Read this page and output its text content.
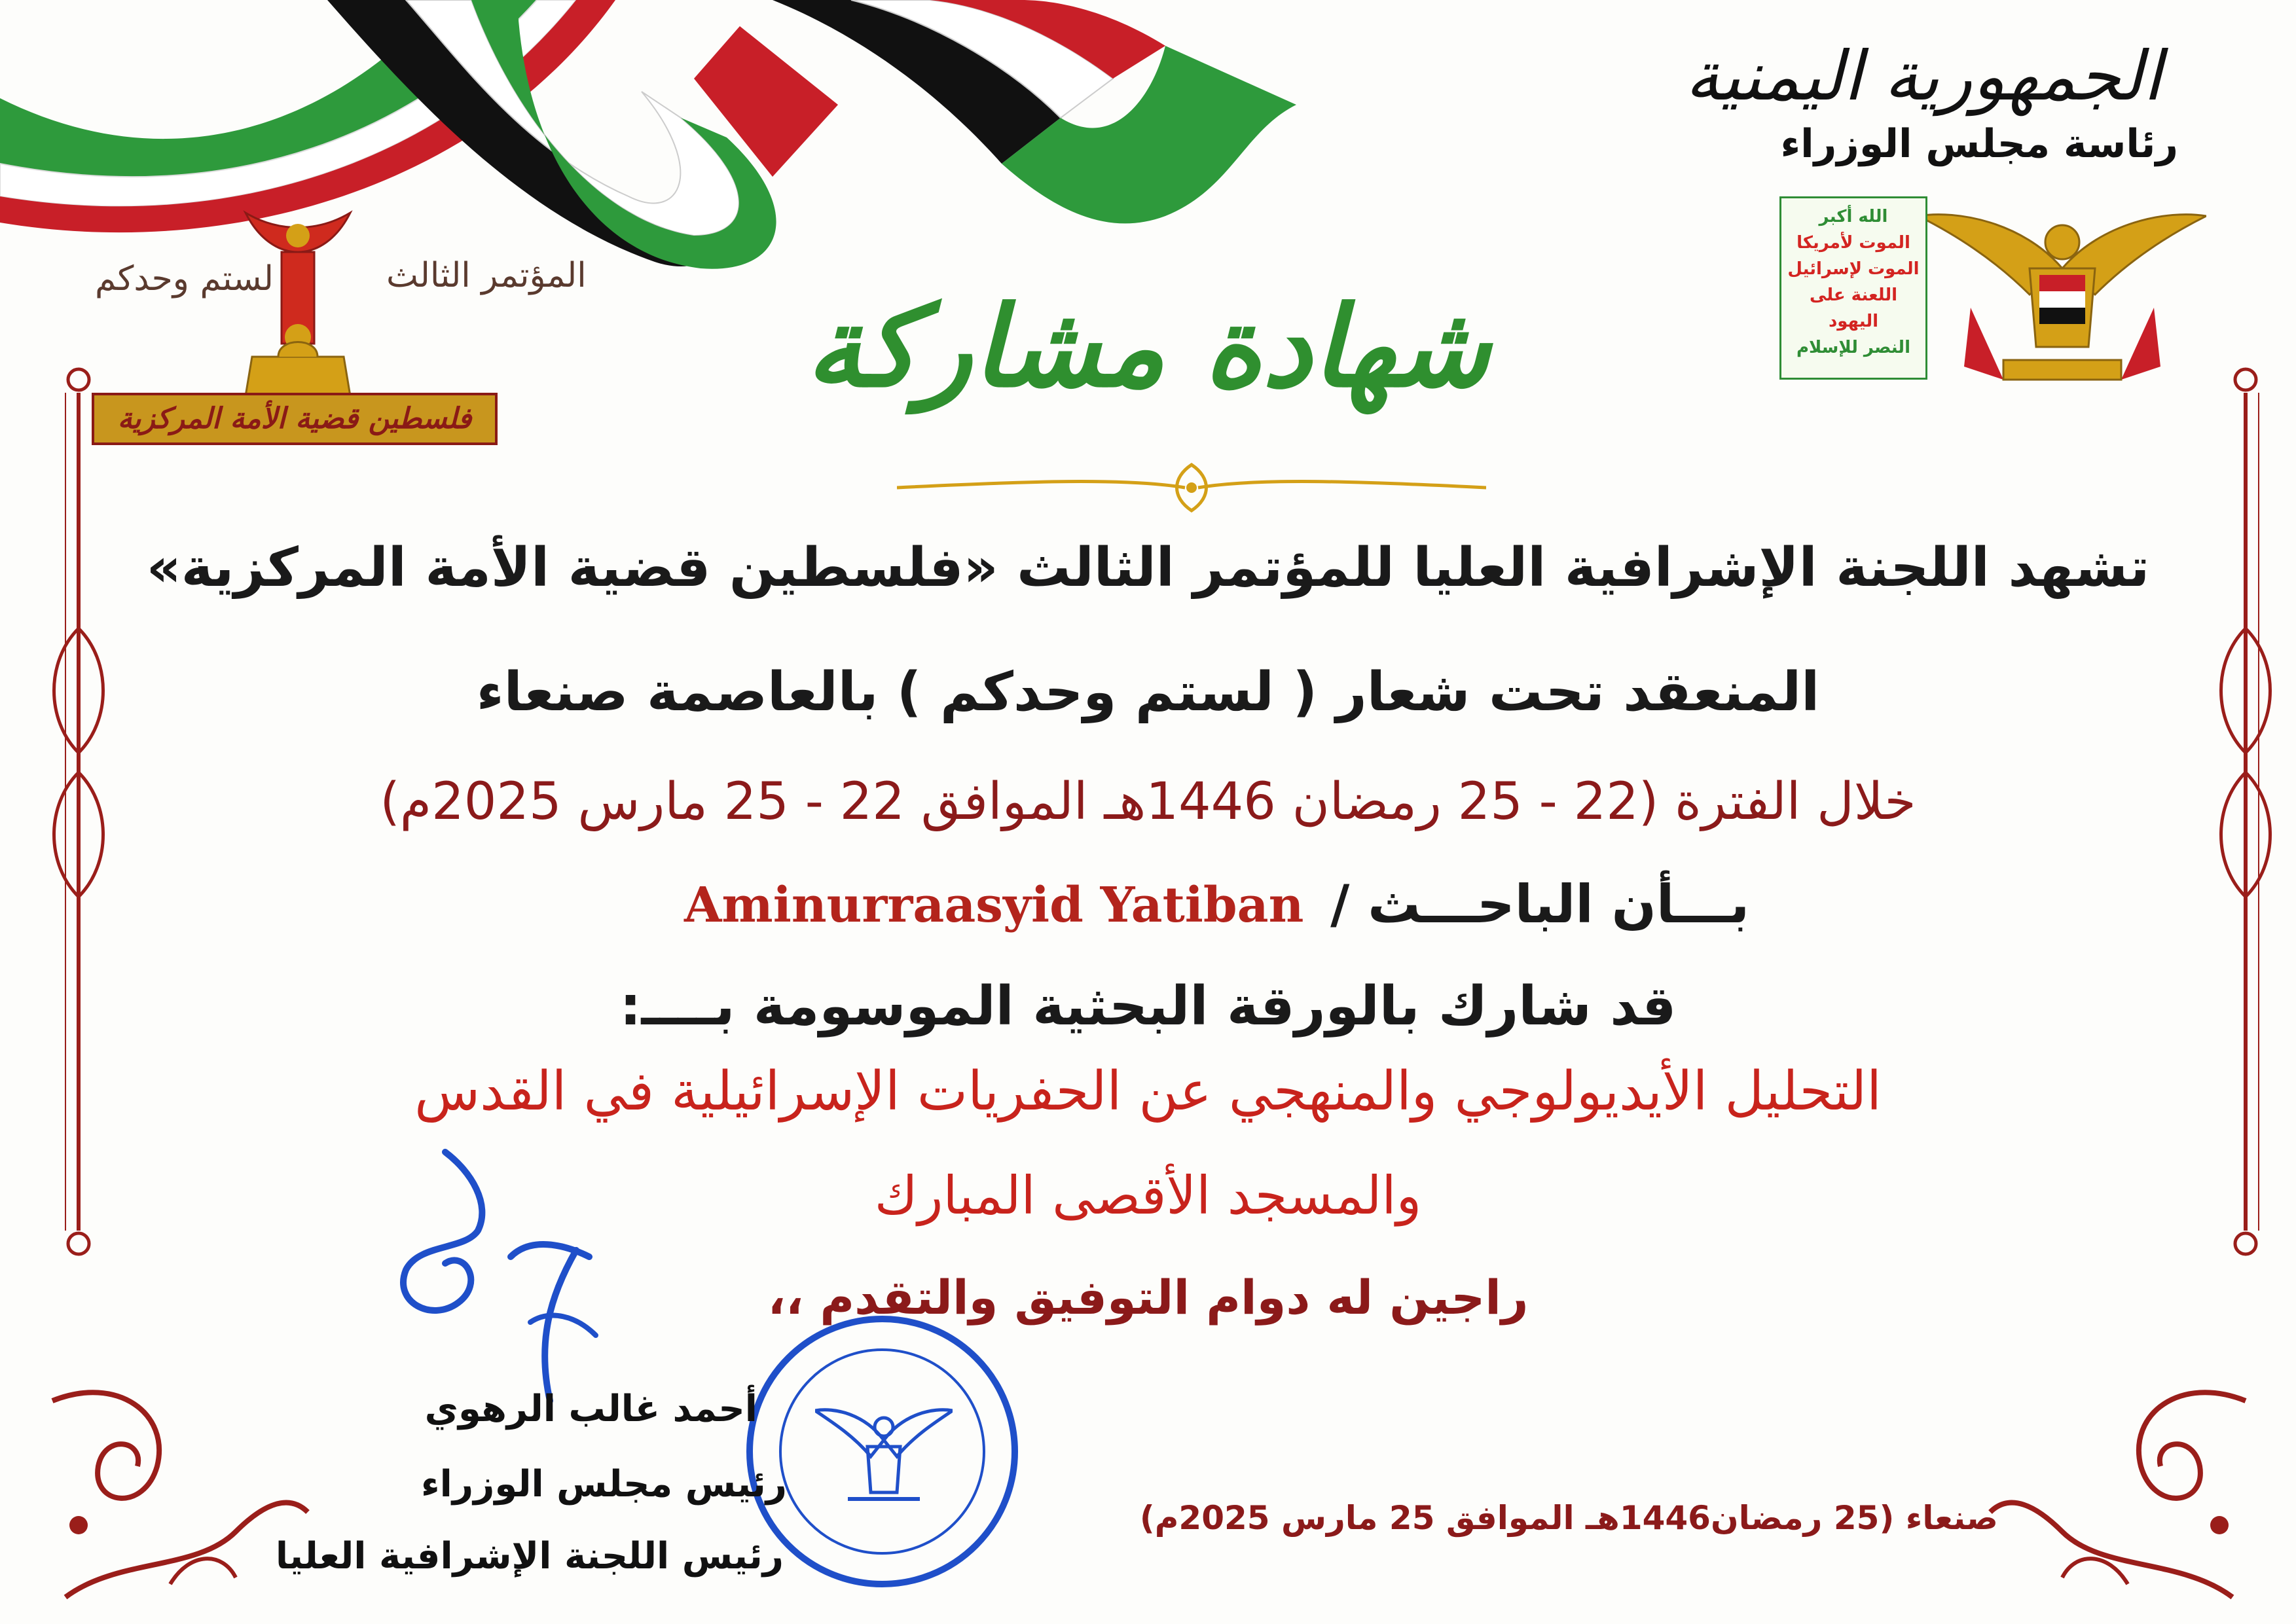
الجمهورية اليمنية
رئاسة مجلس الوزراء
الله أكبر
الموت لأمريكا
الموت لإسرائيل
اللعنة على اليهود
النصر للإسلام
المؤتمر الثالث
لستم وحدكم
فلسطين قضية الأمة المركزية
شهادة مشاركة
تشهد اللجنة الإشرافية العليا للمؤتمر الثالث «فلسطين قضية الأمة المركزية»
المنعقد تحت شعار ( لستم وحدكم ) بالعاصمة صنعاء
خلال الفترة (22 - 25 رمضان 1446هـ الموافق 22 - 25 مارس 2025م)
بـــأن الباحـــث /
Aminurraasyid Yatiban
قد شارك بالورقة البحثية الموسومة بــــ:
التحليل الأيديولوجي والمنهجي عن الحفريات الإسرائيلية في القدس
والمسجد الأقصى المبارك
راجين له دوام التوفيق والتقدم ،،
أحمد غالب الرهوي
رئيس مجلس الوزراء
رئيس اللجنة الإشرافية العليا
صنعاء (25 رمضان1446هـ الموافق 25 مارس 2025م)
